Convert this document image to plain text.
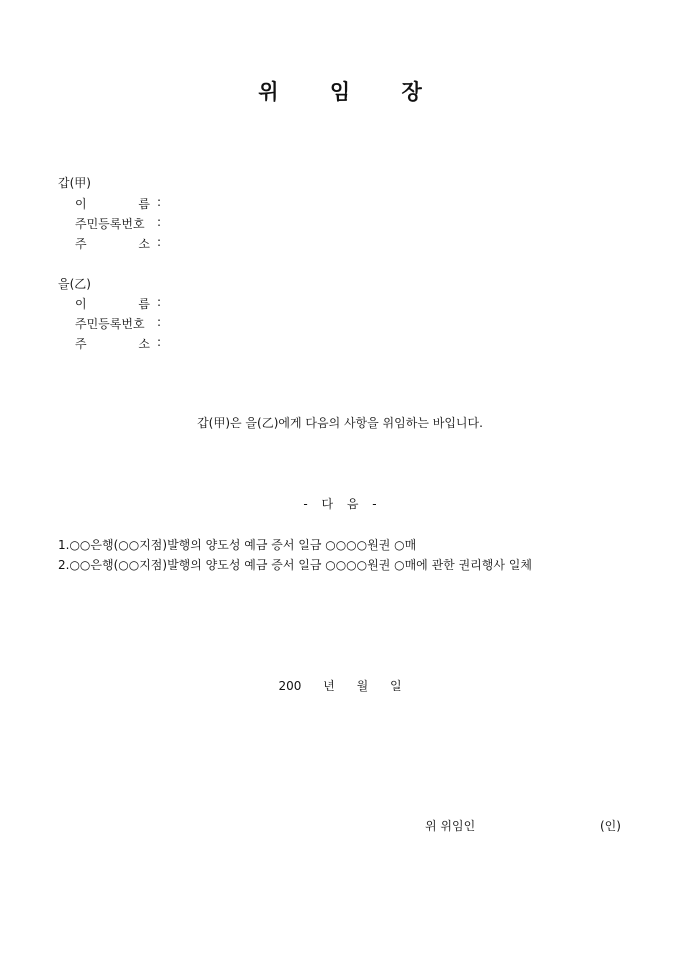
위 임 장
갑(甲)
이	름 :
주민등록번호 :
주	소 :
을(乙)
이	름 :
주민등록번호 :
주	소 :
갑(甲)은 을(乙)에게 다음의 사항을 위임하는 바입니다.
- 다 음 -
1.○○은행(○○지점)발행의 양도성 예금 증서 일금 ○○○○원권 ○매
2.○○은행(○○지점)발행의 양도성 예금 증서 일금 ○○○○원권 ○매에 관한 권리행사 일체
200 년 월 일
위 위임인	(인)
